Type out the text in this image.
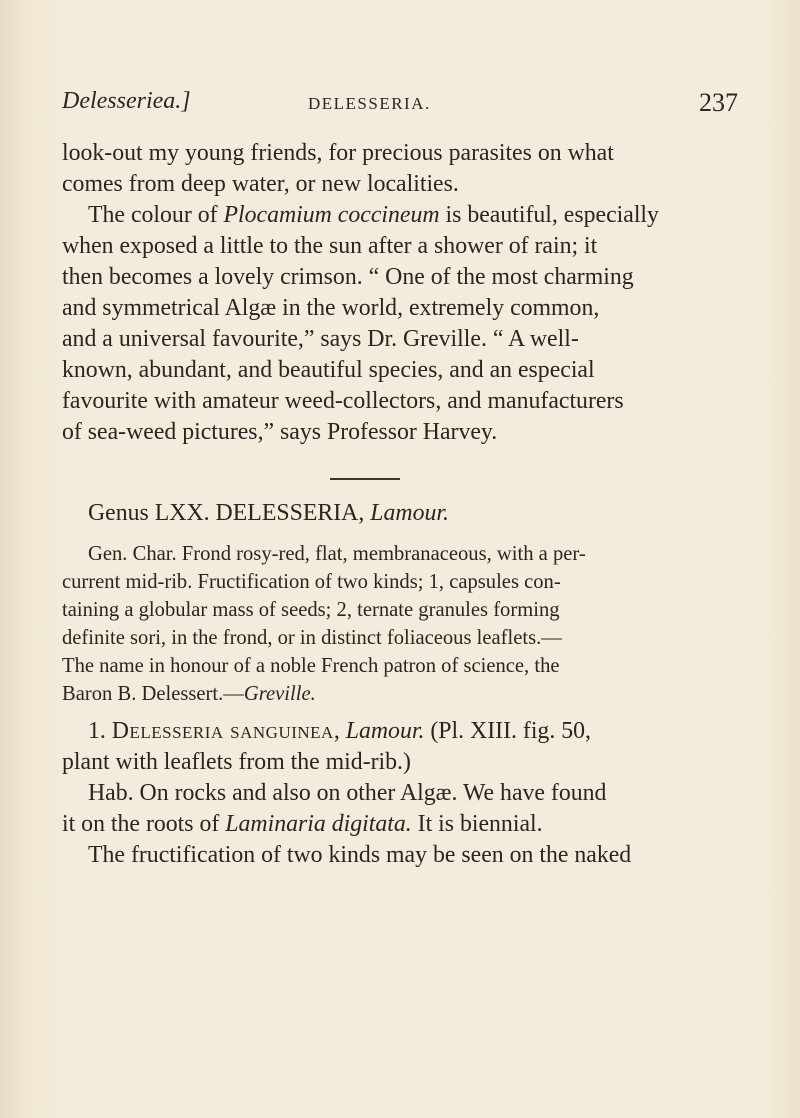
Delesseriea.]	DELESSERIA.	237
look-out my young friends, for precious parasites on what
comes from deep water, or new localities.
The colour of Plocamium coccineum is beautiful, especially
when exposed a little to the sun after a shower of rain; it
then becomes a lovely crimson. “ One of the most charming
and symmetrical Algæ in the world, extremely common,
and a universal favourite,” says Dr. Greville. “ A well-
known, abundant, and beautiful species, and an especial
favourite with amateur weed-collectors, and manufacturers
of sea-weed pictures,” says Professor Harvey.
Genus LXX. DELESSERIA, Lamour.
Gen. Char. Frond rosy-red, flat, membranaceous, with a per-
current mid-rib. Fructification of two kinds; 1, capsules con-
taining a globular mass of seeds; 2, ternate granules forming
definite sori, in the frond, or in distinct foliaceous leaflets.—
The name in honour of a noble French patron of science, the
Baron B. Delessert.—Greville.
1. Delesseria sanguinea, Lamour. (Pl. XIII. fig. 50,
plant with leaflets from the mid-rib.)
Hab. On rocks and also on other Algæ. We have found
it on the roots of Laminaria digitata. It is biennial.
The fructification of two kinds may be seen on the naked
